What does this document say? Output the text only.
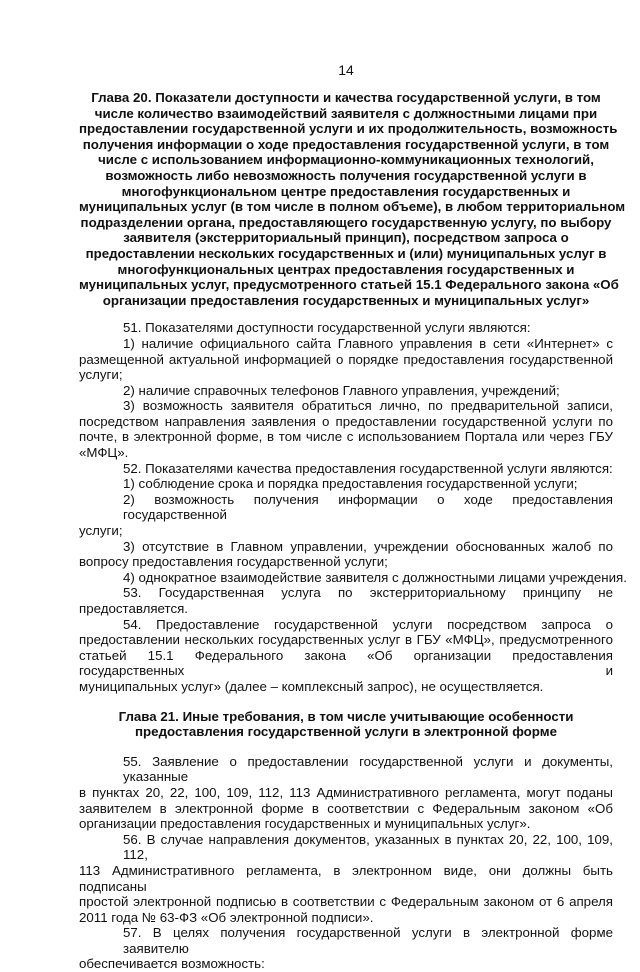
14
Глава 20. Показатели доступности и качества государственной услуги, в том
числе количество взаимодействий заявителя с должностными лицами при
предоставлении государственной услуги и их продолжительность, возможность
получения информации о ходе предоставления государственной услуги, в том
числе с использованием информационно-коммуникационных технологий,
возможность либо невозможность получения государственной услуги в
многофункциональном центре предоставления государственных и
муниципальных услуг (в том числе в полном объеме), в любом территориальном
подразделении органа, предоставляющего государственную услугу, по выбору
заявителя (экстерриториальный принцип), посредством запроса о
предоставлении нескольких государственных и (или) муниципальных услуг в
многофункциональных центрах предоставления государственных и
муниципальных услуг, предусмотренного статьей 15.1 Федерального закона «Об
организации предоставления государственных и муниципальных услуг»
51. Показателями доступности государственной услуги являются:
1) наличие официального сайта Главного управления в сети «Интернет» с
размещенной актуальной информацией о порядке предоставления государственной
услуги;
2) наличие справочных телефонов Главного управления, учреждений;
3) возможность заявителя обратиться лично, по предварительной записи,
посредством направления заявления о предоставлении государственной услуги по
почте, в электронной форме, в том числе с использованием Портала или через ГБУ
«МФЦ».
52. Показателями качества предоставления государственной услуги являются:
1) соблюдение срока и порядка предоставления государственной услуги;
2) возможность получения информации о ходе предоставления государственной
услуги;
3) отсутствие в Главном управлении, учреждении обоснованных жалоб по
вопросу предоставления государственной услуги;
4) однократное взаимодействие заявителя с должностными лицами учреждения.
53. Государственная услуга по экстерриториальному принципу не
предоставляется.
54. Предоставление государственной услуги посредством запроса о
предоставлении нескольких государственных услуг в ГБУ «МФЦ», предусмотренного
статьей 15.1 Федерального закона «Об организации предоставления государственных и
муниципальных услуг» (далее – комплексный запрос), не осуществляется.
Глава 21. Иные требования, в том числе учитывающие особенности
предоставления государственной услуги в электронной форме
55. Заявление о предоставлении государственной услуги и документы, указанные
в пунктах 20, 22, 100, 109, 112, 113 Административного регламента, могут поданы
заявителем в электронной форме в соответствии с Федеральным законом «Об
организации предоставления государственных и муниципальных услуг».
56. В случае направления документов, указанных в пунктах 20, 22, 100, 109, 112,
113 Административного регламента, в электронном виде, они должны быть подписаны
простой электронной подписью в соответствии с Федеральным законом от 6 апреля
2011 года № 63-ФЗ «Об электронной подписи».
57. В целях получения государственной услуги в электронной форме заявителю
обеспечивается возможность:
